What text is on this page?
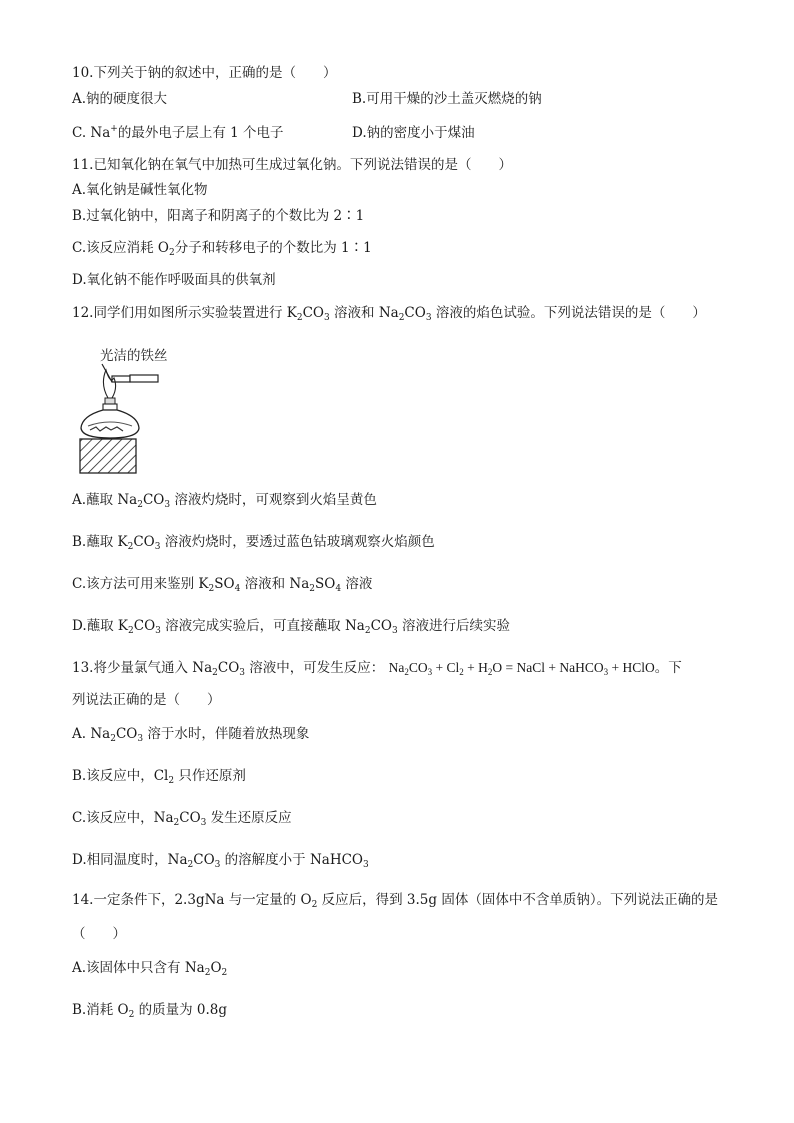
10.下列关于钠的叙述中，正确的是（　　）
A.钠的硬度很大	B.可用干燥的沙土盖灭燃烧的钠
C. Na+的最外电子层上有 1 个电子	D.钠的密度小于煤油
11.已知氧化钠在氧气中加热可生成过氧化钠。下列说法错误的是（　　）
A.氧化钠是碱性氧化物
B.过氧化钠中，阳离子和阴离子的个数比为 2∶1
C.该反应消耗 $O_2$分子和转移电子的个数比为 1∶1
D.氧化钠不能作呼吸面具的供氧剂
12.同学们用如图所示实验装置进行 $K_2CO_3$ 溶液和 $Na_2CO_3$ 溶液的焰色试验。下列说法错误的是（　　）
光洁的铁丝
A.蘸取 $Na_2CO_3$ 溶液灼烧时，可观察到火焰呈黄色
B.蘸取 $K_2CO_3$ 溶液灼烧时，要透过蓝色钴玻璃观察火焰颜色
C.该方法可用来鉴别 $K_2SO_4$ 溶液和 $Na_2SO_4$ 溶液
D.蘸取 $K_2CO_3$ 溶液完成实验后，可直接蘸取 $Na_2CO_3$ 溶液进行后续实验
13.将少量氯气通入 $Na_2CO_3$ 溶液中，可发生反应： $Na_2CO_3 + Cl_2 + H_2O$ = NaCl + NaHCO$_3$ + HClO。下
列说法正确的是（　　）
A. $Na_2CO_3$ 溶于水时，伴随着放热现象
B.该反应中，$Cl_2$ 只作还原剂
C.该反应中，$Na_2CO_3$ 发生还原反应
D.相同温度时，$Na_2CO_3$ 的溶解度小于 NaHCO$_3$
14.一定条件下，2.3gNa 与一定量的 $O_2$ 反应后，得到 3.5g 固体（固体中不含单质钠）。下列说法正确的是
（　　）
A.该固体中只含有 $Na_2O_2$
B.消耗 $O_2$ 的质量为 0.8g
